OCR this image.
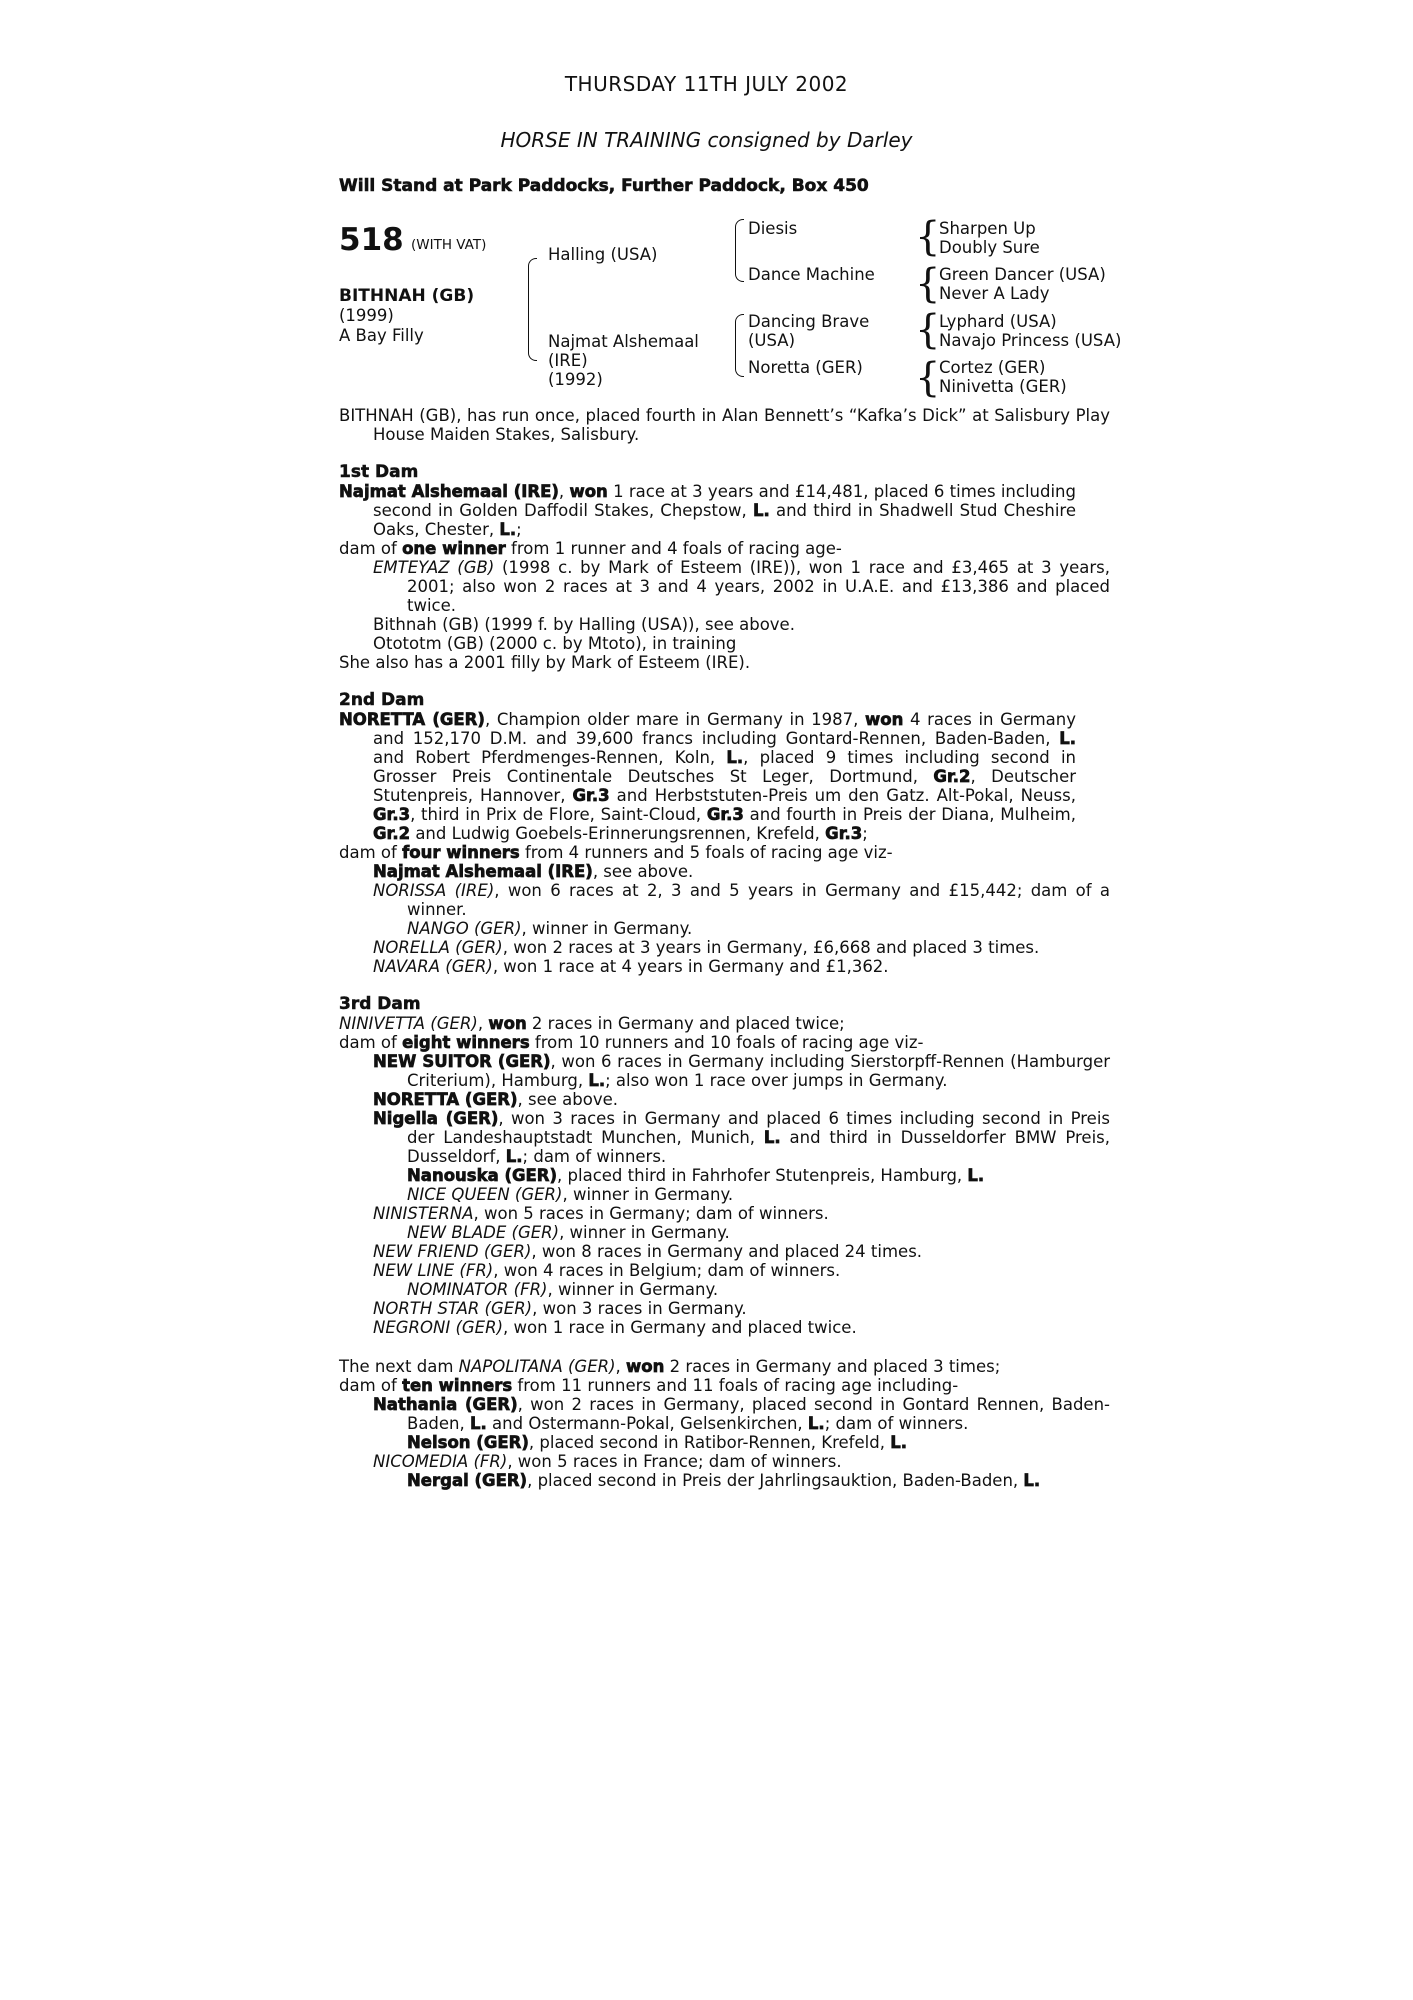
THURSDAY 11TH JULY 2002
HORSE IN TRAINING consigned by Darley
Will Stand at Park Paddocks, Further Paddock, Box 450
518 (WITH VAT)
BITHNAH (GB)
(1999)
A Bay Filly
Halling (USA)
Najmat Alshemaal
(IRE)
(1992)
Diesis
Dance Machine
Dancing Brave
(USA)
Noretta (GER)
{
{
{
{
Sharpen Up
Doubly Sure
Green Dancer (USA)
Never A Lady
Lyphard (USA)
Navajo Princess (USA)
Cortez (GER)
Ninivetta (GER)
BITHNAH (GB), has run once, placed fourth in Alan Bennett’s “Kafka’s Dick” at Salisbury Play House Maiden Stakes, Salisbury.
1st Dam
Najmat Alshemaal (IRE), won 1 race at 3 years and £14,481, placed 6 times including second in Golden Daffodil Stakes, Chepstow, L. and third in Shadwell Stud Cheshire Oaks, Chester, L.;
dam of one winner from 1 runner and 4 foals of racing age-
EMTEYAZ (GB) (1998 c. by Mark of Esteem (IRE)), won 1 race and £3,465 at 3 years, 2001; also won 2 races at 3 and 4 years, 2002 in U.A.E. and £13,386 and placed twice.
Bithnah (GB) (1999 f. by Halling (USA)), see above.
Otototm (GB) (2000 c. by Mtoto), in training
She also has a 2001 filly by Mark of Esteem (IRE).
2nd Dam
NORETTA (GER), Champion older mare in Germany in 1987, won 4 races in Germany and 152,170 D.M. and 39,600 francs including Gontard-Rennen, Baden-Baden, L. and Robert Pferdmenges-Rennen, Koln, L., placed 9 times including second in Grosser Preis Continentale Deutsches St Leger, Dortmund, Gr.2, Deutscher Stutenpreis, Hannover, Gr.3 and Herbststuten-Preis um den Gatz. Alt-Pokal, Neuss, Gr.3, third in Prix de Flore, Saint-Cloud, Gr.3 and fourth in Preis der Diana, Mulheim, Gr.2 and Ludwig Goebels-Erinnerungsrennen, Krefeld, Gr.3;
dam of four winners from 4 runners and 5 foals of racing age viz-
Najmat Alshemaal (IRE), see above.
NORISSA (IRE), won 6 races at 2, 3 and 5 years in Germany and £15,442; dam of a winner.
NANGO (GER), winner in Germany.
NORELLA (GER), won 2 races at 3 years in Germany, £6,668 and placed 3 times.
NAVARA (GER), won 1 race at 4 years in Germany and £1,362.
3rd Dam
NINIVETTA (GER), won 2 races in Germany and placed twice;
dam of eight winners from 10 runners and 10 foals of racing age viz-
NEW SUITOR (GER), won 6 races in Germany including Sierstorpff-Rennen (Hamburger Criterium), Hamburg, L.; also won 1 race over jumps in Germany.
NORETTA (GER), see above.
Nigella (GER), won 3 races in Germany and placed 6 times including second in Preis der Landeshauptstadt Munchen, Munich, L. and third in Dusseldorfer BMW Preis, Dusseldorf, L.; dam of winners.
Nanouska (GER), placed third in Fahrhofer Stutenpreis, Hamburg, L.
NICE QUEEN (GER), winner in Germany.
NINISTERNA, won 5 races in Germany; dam of winners.
NEW BLADE (GER), winner in Germany.
NEW FRIEND (GER), won 8 races in Germany and placed 24 times.
NEW LINE (FR), won 4 races in Belgium; dam of winners.
NOMINATOR (FR), winner in Germany.
NORTH STAR (GER), won 3 races in Germany.
NEGRONI (GER), won 1 race in Germany and placed twice.
The next dam NAPOLITANA (GER), won 2 races in Germany and placed 3 times;
dam of ten winners from 11 runners and 11 foals of racing age including-
Nathania (GER), won 2 races in Germany, placed second in Gontard Rennen, Baden-Baden, L. and Ostermann-Pokal, Gelsenkirchen, L.; dam of winners.
Nelson (GER), placed second in Ratibor-Rennen, Krefeld, L.
NICOMEDIA (FR), won 5 races in France; dam of winners.
Nergal (GER), placed second in Preis der Jahrlingsauktion, Baden-Baden, L.
